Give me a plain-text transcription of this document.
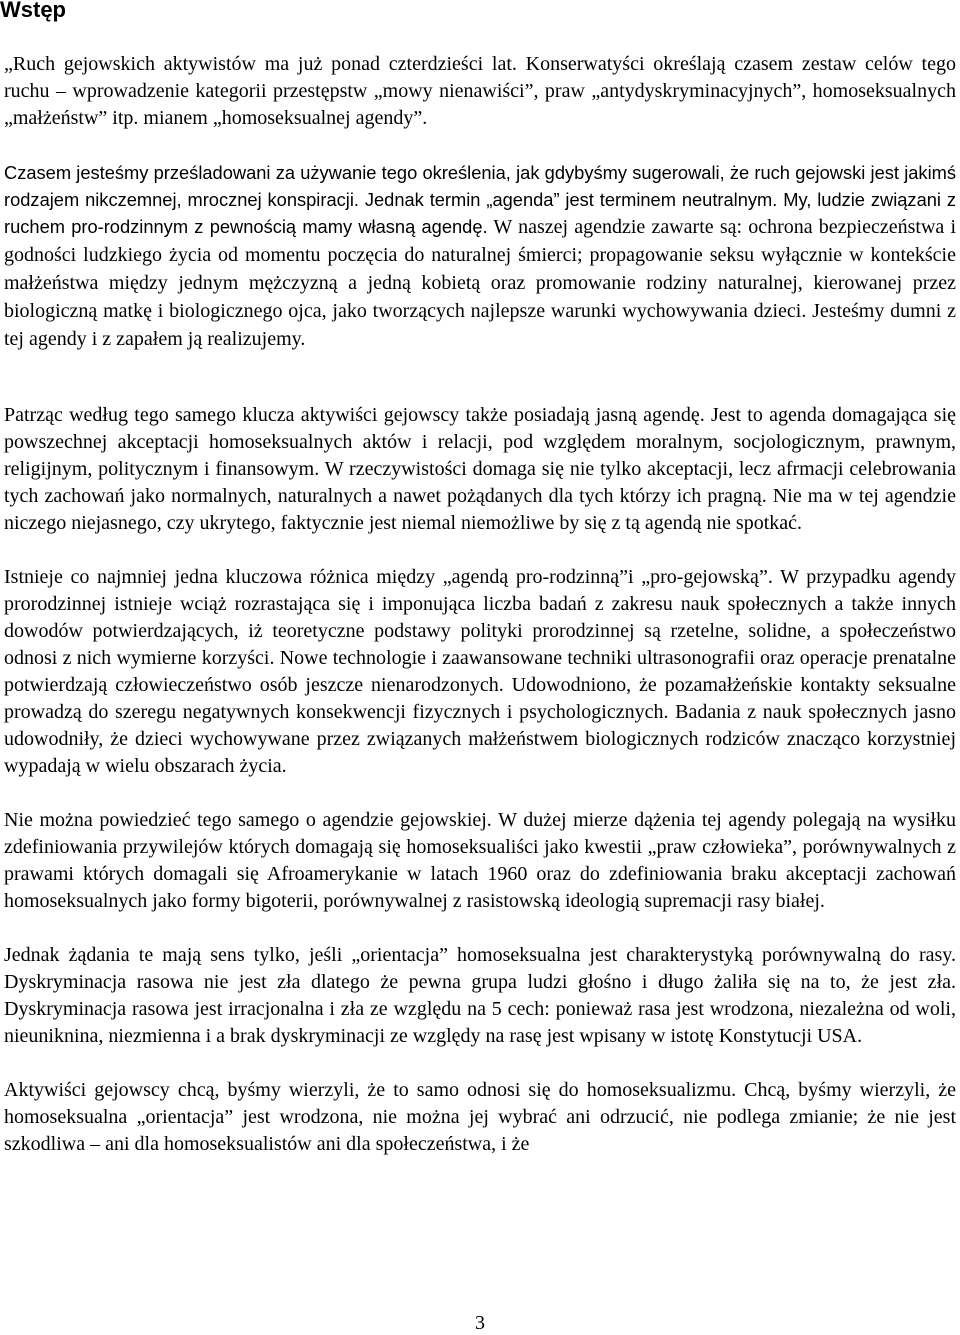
Wstęp

„Ruch gejowskich aktywistów ma już ponad czterdzieści lat. Konserwatyści określają czasem zestaw celów tego ruchu – wprowadzenie kategorii przestępstw „mowy nienawiści”, praw „antydyskryminacyjnych”, homoseksualnych „małżeństw” itp. mianem „homoseksualnej agendy”.

Czasem jesteśmy prześladowani za używanie tego określenia, jak gdybyśmy sugerowali, że ruch gejowski jest jakimś rodzajem nikczemnej, mrocznej konspiracji. Jednak termin „agenda” jest terminem neutralnym. My, ludzie związani z ruchem pro-rodzinnym z pewnością mamy własną agendę. W naszej agendzie zawarte są: ochrona bezpieczeństwa i godności ludzkiego życia od momentu poczęcia do naturalnej śmierci; propagowanie seksu wyłącznie w kontekście małżeństwa między jednym mężczyzną a jedną kobietą oraz promowanie rodziny naturalnej, kierowanej przez biologiczną matkę i biologicznego ojca, jako tworzących najlepsze warunki wychowywania dzieci. Jesteśmy dumni z tej agendy i z zapałem ją realizujemy.

Patrząc według tego samego klucza aktywiści gejowscy także posiadają jasną agendę. Jest to agenda domagająca się powszechnej akceptacji homoseksualnych aktów i relacji, pod względem moralnym, socjologicznym, prawnym, religijnym, politycznym i finansowym. W rzeczywistości domaga się nie tylko akceptacji, lecz afrmacji celebrowania tych zachowań jako normalnych, naturalnych a nawet pożądanych dla tych którzy ich pragną. Nie ma w tej agendzie niczego niejasnego, czy ukrytego, faktycznie jest niemal niemożliwe by się z tą agendą nie spotkać.

Istnieje co najmniej jedna kluczowa różnica między „agendą pro-rodzinną”i „pro-gejowską”. W przypadku agendy prorodzinnej istnieje wciąż rozrastająca się i imponująca liczba badań z zakresu nauk społecznych a także innych dowodów potwierdzających, iż teoretyczne podstawy polityki prorodzinnej są rzetelne, solidne, a społeczeństwo odnosi z nich wymierne korzyści. Nowe technologie i zaawansowane techniki ultrasonografii oraz operacje prenatalne potwierdzają człowieczeństwo osób jeszcze nienarodzonych. Udowodniono, że pozamałżeńskie kontakty seksualne prowadzą do szeregu negatywnych konsekwencji fizycznych i psychologicznych. Badania z nauk społecznych jasno udowodniły, że dzieci wychowywane przez związanych małżeństwem biologicznych rodziców znacząco korzystniej wypadają w wielu obszarach życia.

Nie można powiedzieć tego samego o agendzie gejowskiej. W dużej mierze dążenia tej agendy polegają na wysiłku zdefiniowania przywilejów których domagają się homoseksualiści jako kwestii „praw człowieka”, porównywalnych z prawami których domagali się Afroamerykanie w latach 1960 oraz do zdefiniowania braku akceptacji zachowań homoseksualnych jako formy bigoterii, porównywalnej z rasistowską ideologią supremacji rasy białej.

Jednak żądania te mają sens tylko, jeśli „orientacja” homoseksualna jest charakterystyką porównywalną do rasy. Dyskryminacja rasowa nie jest zła dlatego że pewna grupa ludzi głośno i długo żaliła się na to, że jest zła. Dyskryminacja rasowa jest irracjonalna i zła ze względu na 5 cech: ponieważ rasa jest wrodzona, niezależna od woli, nieuniknina, niezmienna i a brak dyskryminacji ze względy na rasę jest wpisany w istotę Konstytucji USA.

Aktywiści gejowscy chcą, byśmy wierzyli, że to samo odnosi się do homoseksualizmu. Chcą, byśmy wierzyli, że homoseksualna „orientacja” jest wrodzona, nie można jej wybrać ani odrzucić, nie podlega zmianie; że nie jest szkodliwa – ani dla homoseksualistów ani dla społeczeństwa, i że

3
